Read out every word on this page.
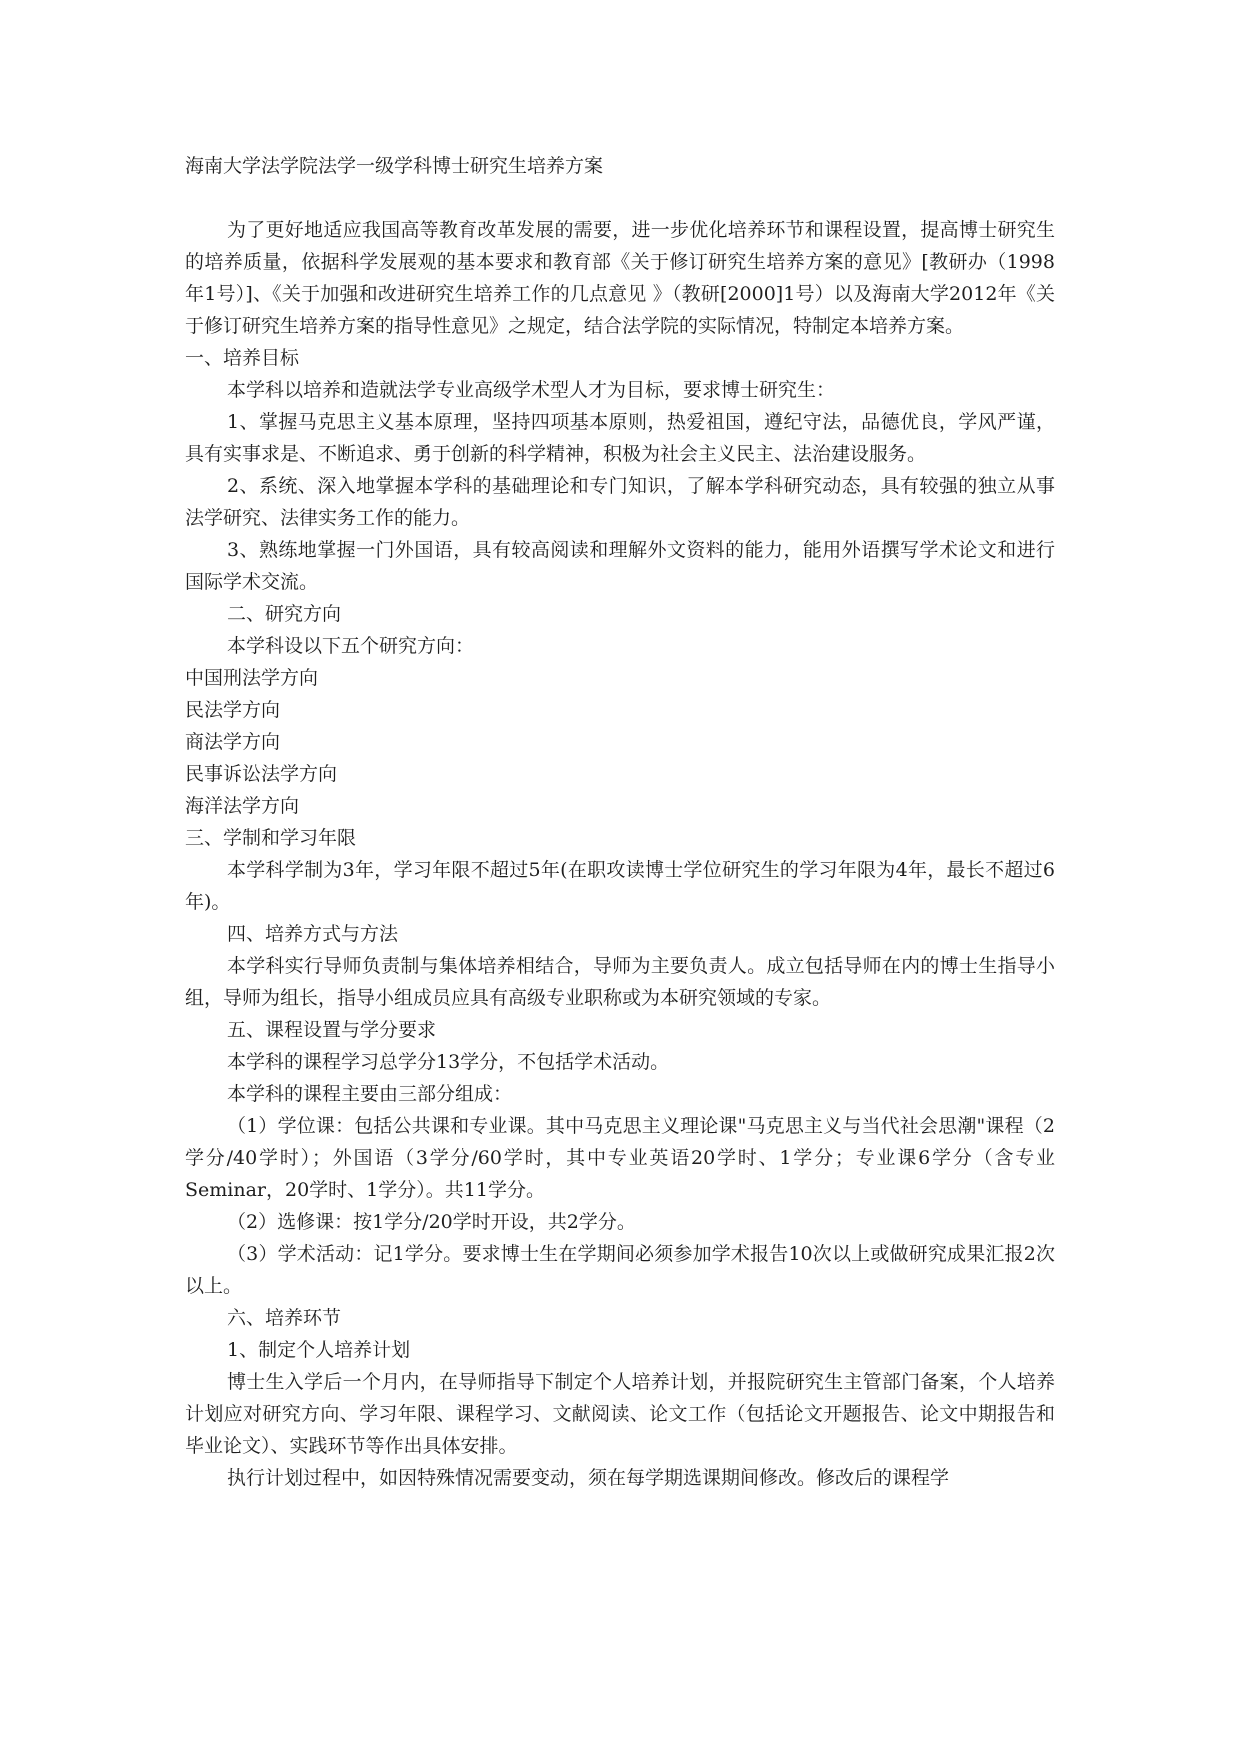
海南大学法学院法学一级学科博士研究生培养方案

为了更好地适应我国高等教育改革发展的需要，进一步优化培养环节和课程设置，提高博士研究生的培养质量，依据科学发展观的基本要求和教育部《关于修订研究生培养方案的意见》[教研办（1998年1号）]、《关于加强和改进研究生培养工作的几点意见 》（教研[2000]1号）以及海南大学2012年《关于修订研究生培养方案的指导性意见》之规定，结合法学院的实际情况，特制定本培养方案。

一、培养目标

本学科以培养和造就法学专业高级学术型人才为目标，要求博士研究生：

1、掌握马克思主义基本原理，坚持四项基本原则，热爱祖国，遵纪守法，品德优良，学风严谨，具有实事求是、不断追求、勇于创新的科学精神，积极为社会主义民主、法治建设服务。

2、系统、深入地掌握本学科的基础理论和专门知识，了解本学科研究动态，具有较强的独立从事法学研究、法律实务工作的能力。

3、熟练地掌握一门外国语，具有较高阅读和理解外文资料的能力，能用外语撰写学术论文和进行国际学术交流。

二、研究方向

本学科设以下五个研究方向：

中国刑法学方向
民法学方向
商法学方向
民事诉讼法学方向
海洋法学方向

三、学制和学习年限

本学科学制为3年，学习年限不超过5年(在职攻读博士学位研究生的学习年限为4年，最长不超过6年)。

四、培养方式与方法

本学科实行导师负责制与集体培养相结合，导师为主要负责人。成立包括导师在内的博士生指导小组，导师为组长，指导小组成员应具有高级专业职称或为本研究领域的专家。

五、课程设置与学分要求

本学科的课程学习总学分13学分，不包括学术活动。

本学科的课程主要由三部分组成：

（1）学位课：包括公共课和专业课。其中马克思主义理论课"马克思主义与当代社会思潮"课程（2学分/40学时）；外国语（3学分/60学时，其中专业英语20学时、1学分；专业课6学分（含专业Seminar，20学时、1学分）。共11学分。

（2）选修课：按1学分/20学时开设，共2学分。

（3）学术活动：记1学分。要求博士生在学期间必须参加学术报告10次以上或做研究成果汇报2次以上。

六、培养环节

1、制定个人培养计划

博士生入学后一个月内，在导师指导下制定个人培养计划，并报院研究生主管部门备案，个人培养计划应对研究方向、学习年限、课程学习、文献阅读、论文工作（包括论文开题报告、论文中期报告和毕业论文）、实践环节等作出具体安排。

执行计划过程中，如因特殊情况需要变动，须在每学期选课期间修改。修改后的课程学
